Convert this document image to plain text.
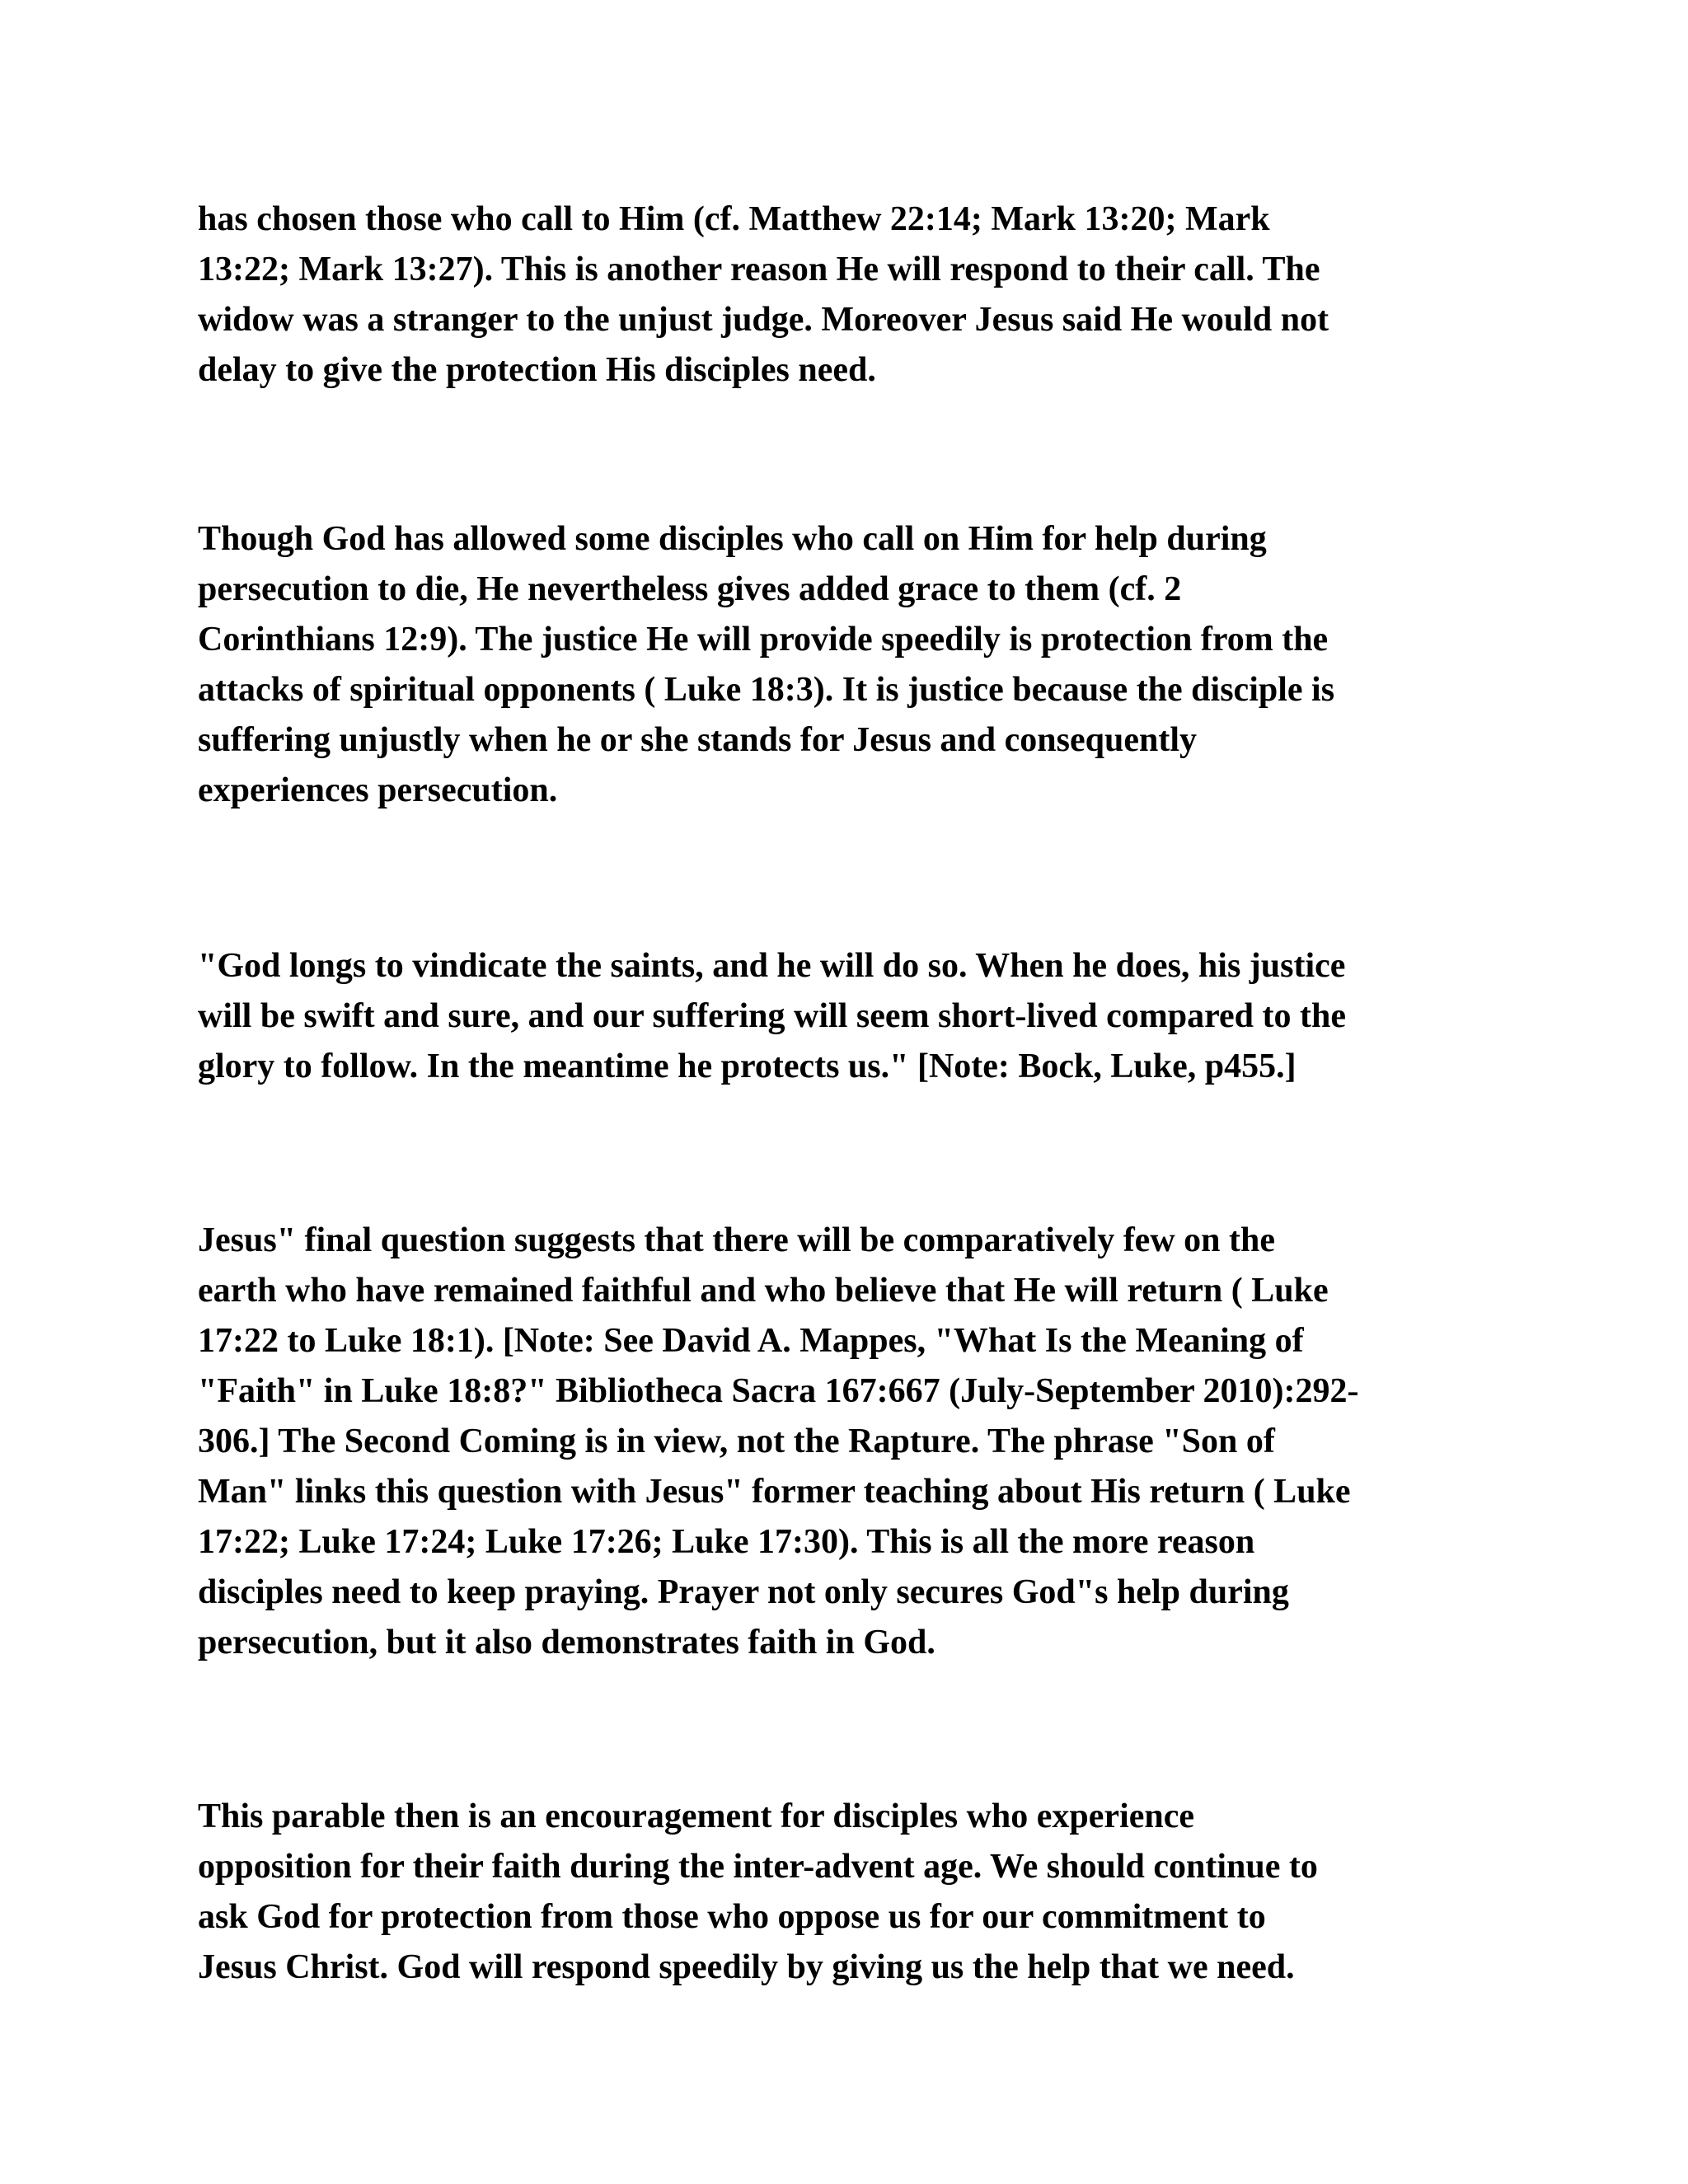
has chosen those who call to Him (cf. Matthew 22:14; Mark 13:20; Mark
13:22; Mark 13:27). This is another reason He will respond to their call. The
widow was a stranger to the unjust judge. Moreover Jesus said He would not
delay to give the protection His disciples need.

Though God has allowed some disciples who call on Him for help during
persecution to die, He nevertheless gives added grace to them (cf. 2
Corinthians 12:9). The justice He will provide speedily is protection from the
attacks of spiritual opponents ( Luke 18:3). It is justice because the disciple is
suffering unjustly when he or she stands for Jesus and consequently
experiences persecution.

"God longs to vindicate the saints, and he will do so. When he does, his justice
will be swift and sure, and our suffering will seem short-lived compared to the
glory to follow. In the meantime he protects us." [Note: Bock, Luke, p455.]

Jesus" final question suggests that there will be comparatively few on the
earth who have remained faithful and who believe that He will return ( Luke
17:22 to Luke 18:1). [Note: See David A. Mappes, "What Is the Meaning of
"Faith" in Luke 18:8?" Bibliotheca Sacra 167:667 (July-September 2010):292-
306.] The Second Coming is in view, not the Rapture. The phrase "Son of
Man" links this question with Jesus" former teaching about His return ( Luke
17:22; Luke 17:24; Luke 17:26; Luke 17:30). This is all the more reason
disciples need to keep praying. Prayer not only secures God"s help during
persecution, but it also demonstrates faith in God.

This parable then is an encouragement for disciples who experience
opposition for their faith during the inter-advent age. We should continue to
ask God for protection from those who oppose us for our commitment to
Jesus Christ. God will respond speedily by giving us the help that we need.
